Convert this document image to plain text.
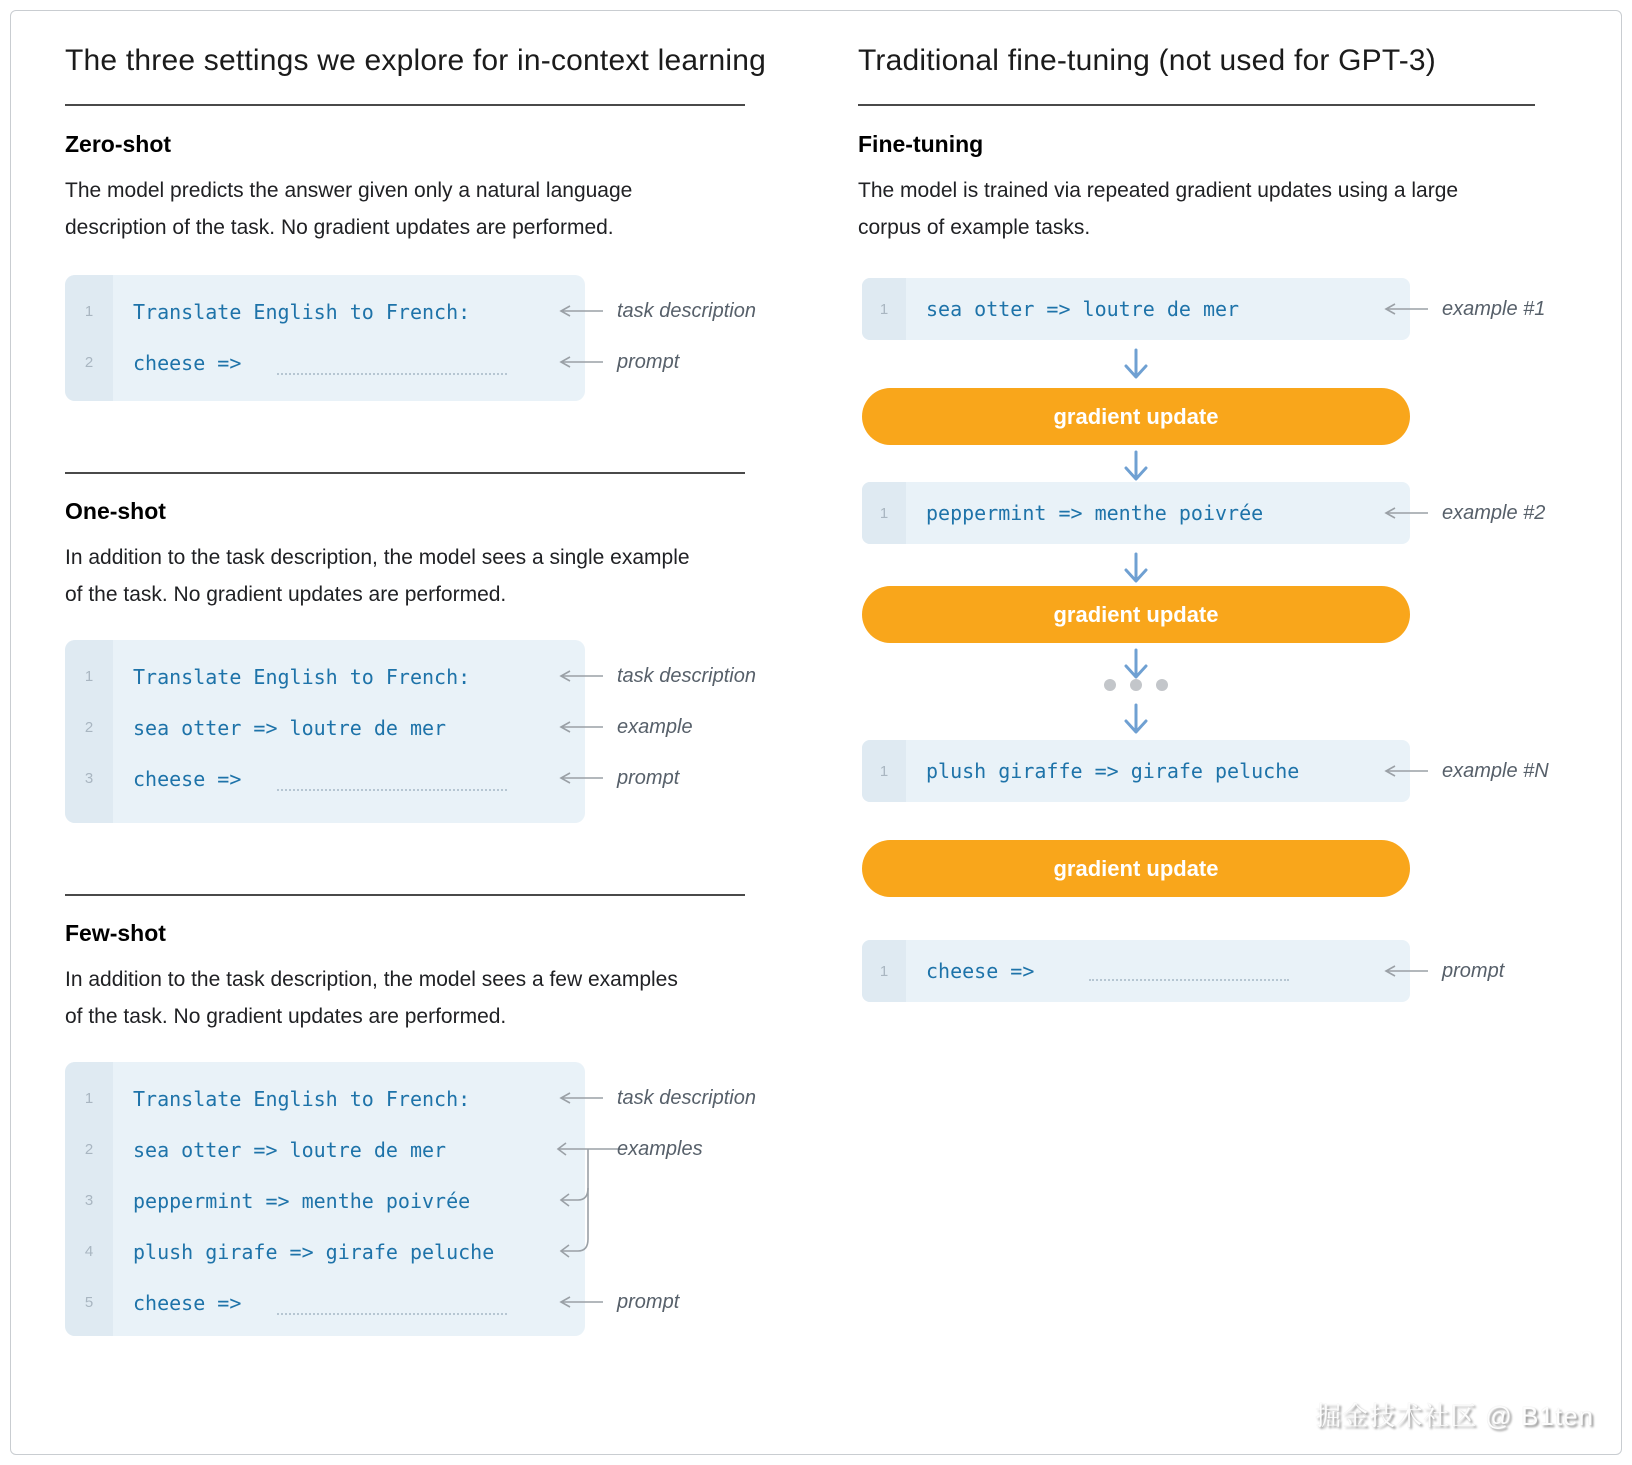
The three settings we explore for in-context learning
Zero-shot
The model predicts the answer given only a natural language description of the task. No gradient updates are performed.
1	Translate English to French:
2	cheese =>
task description
prompt
One-shot
In addition to the task description, the model sees a single example of the task. No gradient updates are performed.
1	Translate English to French:
2	sea otter => loutre de mer
3	cheese =>
task description
example
prompt
Few-shot
In addition to the task description, the model sees a few examples of the task. No gradient updates are performed.
1	Translate English to French:
2	sea otter => loutre de mer
3	peppermint => menthe poivrée
4	plush girafe => girafe peluche
5	cheese =>
task description
examples
prompt
Traditional fine-tuning (not used for GPT-3)
Fine-tuning
The model is trained via repeated gradient updates using a large corpus of example tasks.
1	sea otter => loutre de mer	example #1
gradient update
1	peppermint => menthe poivrée	example #2
gradient update
1	plush giraffe => girafe peluche	example #N
gradient update
1	cheese =>	prompt
掘金技术社区 @ B1ten
